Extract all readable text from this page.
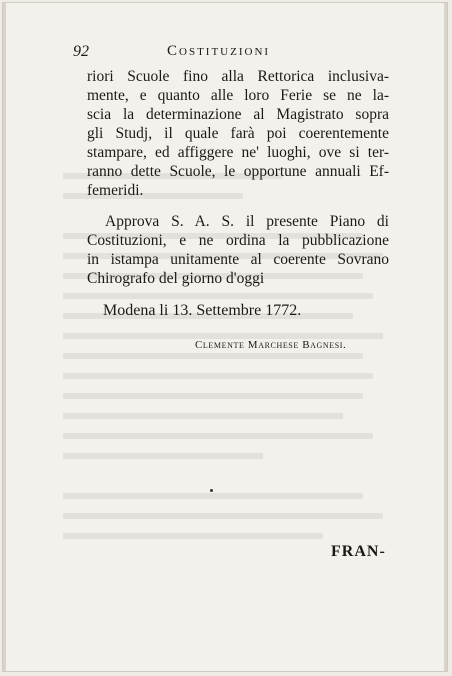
92	Costituzioni
riori Scuole fino alla Rettorica inclusiva-
mente, e quanto alle loro Ferie se ne la-
scia la determinazione al Magistrato sopra
gli Studj, il quale farà poi coerentemente
stampare, ed affiggere ne' luoghi, ove si ter-
ranno dette Scuole, le opportune annuali Ef-
femeridi.
Approva S. A. S. il presente Piano di
Costituzioni, e ne ordina la pubblicazione
in istampa unitamente al coerente Sovrano
Chirografo del giorno d'oggi
Modena li 13. Settembre 1772.
Clemente Marchese Bagnesi.
FRAN-
